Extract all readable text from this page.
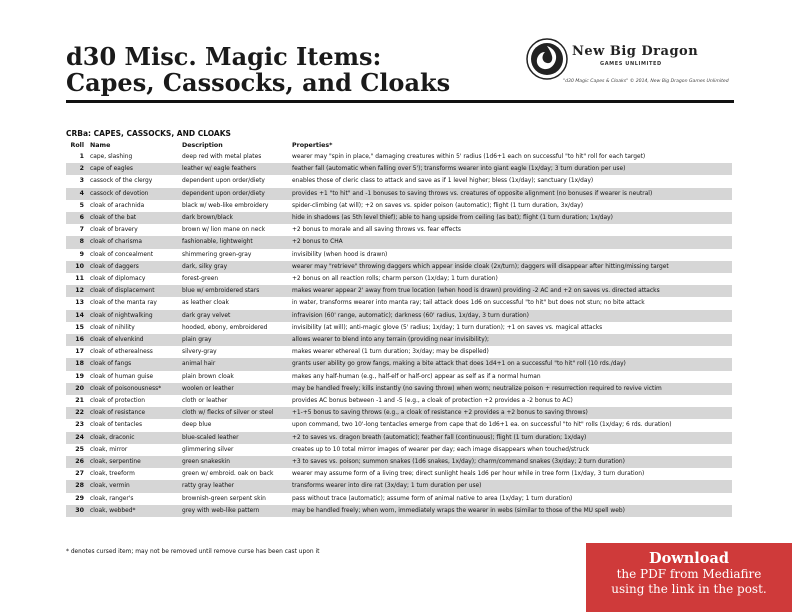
d30 Misc. Magic Items:
Capes, Cassocks, and Cloaks
New Big Dragon
GAMES UNLIMITED
"d30 Magic Capes & Cloaks" © 2014, New Big Dragon Games Unlimited
CRBa: CAPES, CASSOCKS, AND CLOAKS
Roll	Name	Description	Properties*
1	cape, slashing	deep red with metal plates	wearer may "spin in place," damaging creatures within 5' radius (1d6+1 each on successful "to hit" roll for each target)
2	cape of eagles	leather w/ eagle feathers	feather fall (automatic when falling over 5'); transforms wearer into giant eagle (1x/day; 3 turn duration per use)
3	cassock of the clergy	dependent upon order/diety	enables those of cleric class to attack and save as if 1 level higher; bless (1x/day); sanctuary (1x/day)
4	cassock of devotion	dependent upon order/diety	provides +1 "to hit" and -1 bonuses to saving throws vs. creatures of opposite alignment (no bonuses if wearer is neutral)
5	cloak of arachnida	black w/ web-like embroidery	spider-climbing (at will); +2 on saves vs. spider poison (automatic); flight (1 turn duration, 3x/day)
6	cloak of the bat	dark brown/black	hide in shadows (as 5th level thief); able to hang upside from ceiling (as bat); flight (1 turn duration; 1x/day)
7	cloak of bravery	brown w/ lion mane on neck	+2 bonus to morale and all saving throws vs. fear effects
8	cloak of charisma	fashionable, lightweight	+2 bonus to CHA
9	cloak of concealment	shimmering green-gray	invisibility (when hood is drawn)
10	cloak of daggers	dark, silky gray	wearer may "retrieve" throwing daggers which appear inside cloak (2x/turn); daggers will disappear after hitting/missing target
11	cloak of diplomacy	forest-green	+2 bonus on all reaction rolls; charm person (1x/day; 1 turn duration)
12	cloak of displacement	blue w/ embroidered stars	makes wearer appear 2' away from true location (when hood is drawn) providing -2 AC and +2 on saves vs. directed attacks
13	cloak of the manta ray	as leather cloak	in water, transforms wearer into manta ray; tail attack does 1d6 on successful "to hit" but does not stun; no bite attack
14	cloak of nightwalking	dark gray velvet	infravision (60' range, automatic); darkness (60' radius, 1x/day, 3 turn duration)
15	cloak of nihility	hooded, ebony, embroidered	invisibility (at will); anti-magic glove (5' radius; 1x/day; 1 turn duration); +1 on saves vs. magical attacks
16	cloak of elvenkind	plain gray	allows wearer to blend into any terrain (providing near invisibility);
17	cloak of etherealness	silvery-gray	makes wearer ethereal (1 turn duration; 3x/day; may be dispelled)
18	cloak of fangs	animal hair	grants user ability go grow fangs, making a bite attack that does 1d4+1 on a successful "to hit" roll (10 rds./day)
19	cloak of human guise	plain brown cloak	makes any half-human (e.g., half-elf or half-orc) appear as self as if a normal human
20	cloak of poisonousness*	woolen or leather	may be handled freely; kills instantly (no saving throw) when worn; neutralize poison + resurrection required to revive victim
21	cloak of protection	cloth or leather	provides AC bonus between -1 and -5 (e.g., a cloak of protection +2 provides a -2 bonus to AC)
22	cloak of resistance	cloth w/ flecks of silver or steel	+1-+5 bonus to saving throws (e.g., a cloak of resistance +2 provides a +2 bonus to saving throws)
23	cloak of tentacles	deep blue	upon command, two 10'-long tentacles emerge from cape that do 1d6+1 ea. on successful "to hit" rolls (1x/day; 6 rds. duration)
24	cloak, draconic	blue-scaled leather	+2 to saves vs. dragon breath (automatic); feather fall (continuous); flight (1 turn duration; 1x/day)
25	cloak, mirror	glimmering silver	creates up to 10 total mirror images of wearer per day; each image disappears when touched/struck
26	cloak, serpentine	green snakeskin	+3 to saves vs. poison; summon snakes (1d6 snakes, 1x/day); charm/command snakes (3x/day; 2 turn duration)
27	cloak, treeform	green w/ embroid. oak on back	wearer may assume form of a living tree; direct sunlight heals 1d6 per hour while in tree form (1x/day, 3 turn duration)
28	cloak, vermin	ratty gray leather	transforms wearer into dire rat (3x/day; 1 turn duration per use)
29	cloak, ranger's	brownish-green serpent skin	pass without trace (automatic); assume form of animal native to area (1x/day; 1 turn duration)
30	cloak, webbed*	grey with web-like pattern	may be handled freely; when worn, immediately wraps the wearer in webs (similar to those of the MU spell web)
* denotes cursed item; may not be removed until remove curse has been cast upon it	Download
the PDF from Mediafire
using the link in the post.
